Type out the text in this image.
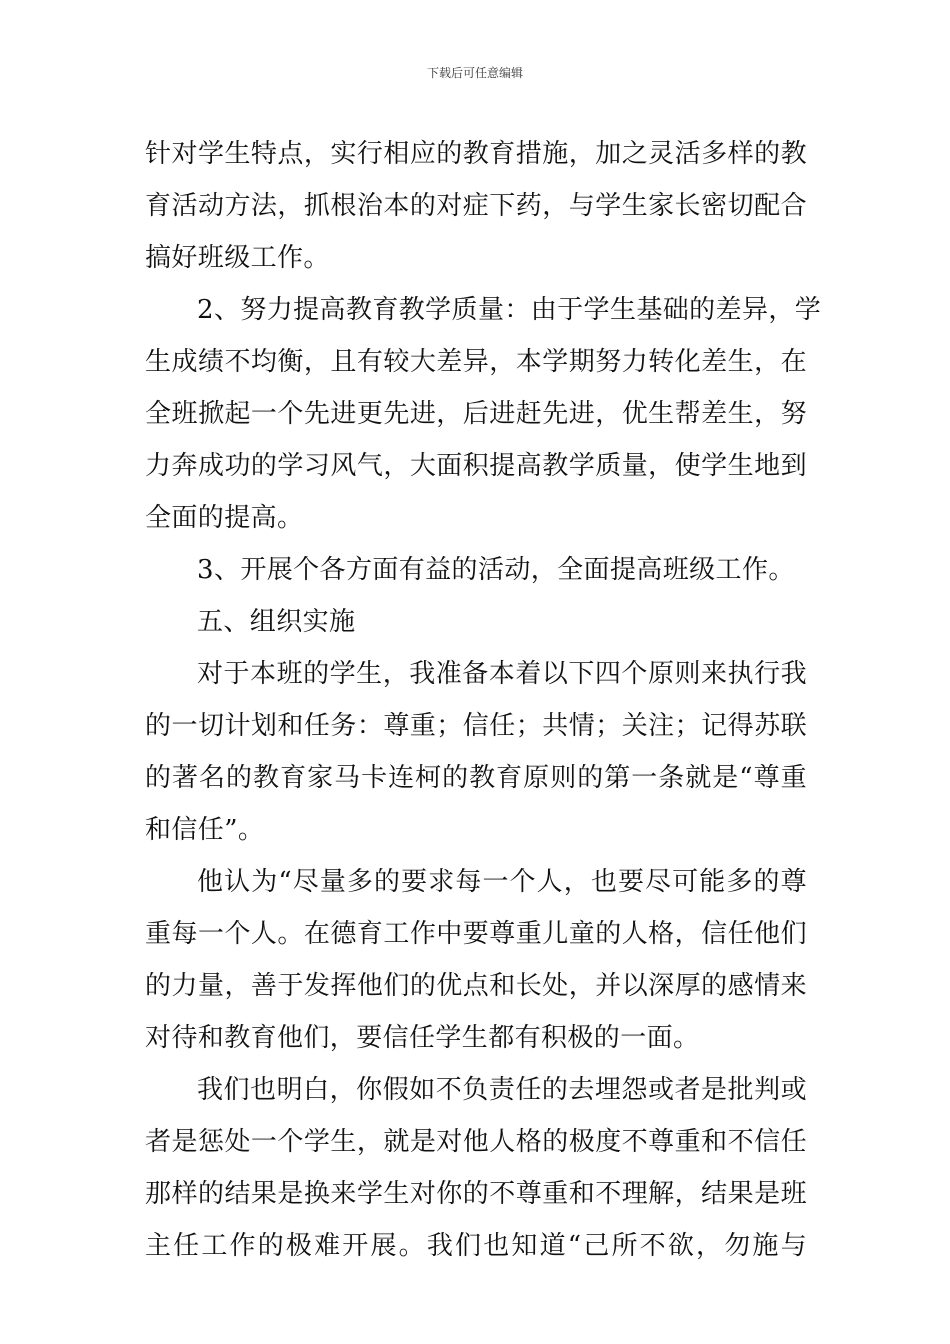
下载后可任意编辑

针对学生特点，实行相应的教育措施，加之灵活多样的教
育活动方法，抓根治本的对症下药，与学生家长密切配合
搞好班级工作。

2、努力提高教育教学质量：由于学生基础的差异，学
生成绩不均衡，且有较大差异，本学期努力转化差生，在
全班掀起一个先进更先进，后进赶先进，优生帮差生，努
力奔成功的学习风气，大面积提高教学质量，使学生地到
全面的提高。

3、开展个各方面有益的活动，全面提高班级工作。

五、组织实施

对于本班的学生，我准备本着以下四个原则来执行我
的一切计划和任务：尊重；信任；共情；关注；记得苏联
的著名的教育家马卡连柯的教育原则的第一条就是“尊重
和信任”。

他认为“尽量多的要求每一个人，也要尽可能多的尊
重每一个人。在德育工作中要尊重儿童的人格，信任他们
的力量，善于发挥他们的优点和长处，并以深厚的感情来
对待和教育他们，要信任学生都有积极的一面。

我们也明白，你假如不负责任的去埋怨或者是批判或
者是惩处一个学生，就是对他人格的极度不尊重和不信任
那样的结果是换来学生对你的不尊重和不理解，结果是班
主任工作的极难开展。我们也知道“己所不欲，勿施与
